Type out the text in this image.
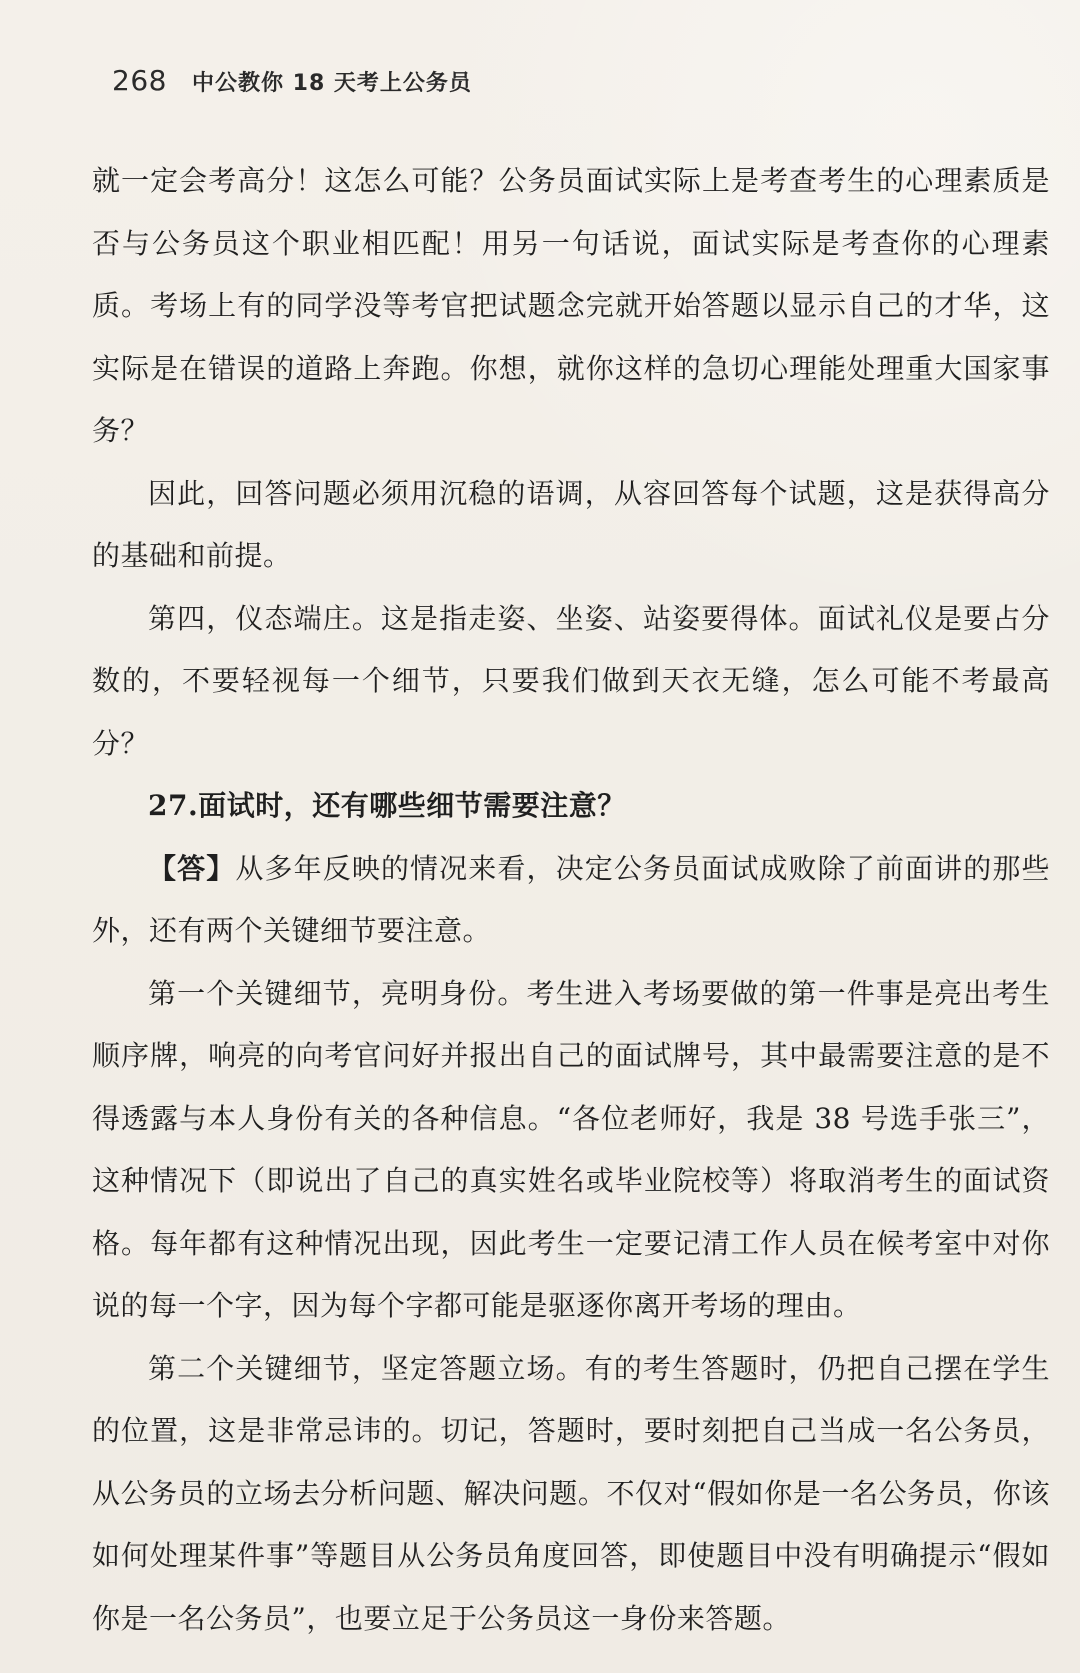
268 中公教你 18 天考上公务员

就一定会考高分！这怎么可能？公务员面试实际上是考查考生的心理素质是否与公务员这个职业相匹配！用另一句话说，面试实际是考查你的心理素质。考场上有的同学没等考官把试题念完就开始答题以显示自己的才华，这实际是在错误的道路上奔跑。你想，就你这样的急切心理能处理重大国家事务？

因此，回答问题必须用沉稳的语调，从容回答每个试题，这是获得高分的基础和前提。

第四，仪态端庄。这是指走姿、坐姿、站姿要得体。面试礼仪是要占分数的，不要轻视每一个细节，只要我们做到天衣无缝，怎么可能不考最高分？

27.面试时，还有哪些细节需要注意？

【答】从多年反映的情况来看，决定公务员面试成败除了前面讲的那些外，还有两个关键细节要注意。

第一个关键细节，亮明身份。考生进入考场要做的第一件事是亮出考生顺序牌，响亮的向考官问好并报出自己的面试牌号，其中最需要注意的是不得透露与本人身份有关的各种信息。“各位老师好，我是 38 号选手张三”，这种情况下（即说出了自己的真实姓名或毕业院校等）将取消考生的面试资格。每年都有这种情况出现，因此考生一定要记清工作人员在候考室中对你说的每一个字，因为每个字都可能是驱逐你离开考场的理由。

第二个关键细节，坚定答题立场。有的考生答题时，仍把自己摆在学生的位置，这是非常忌讳的。切记，答题时，要时刻把自己当成一名公务员，从公务员的立场去分析问题、解决问题。不仅对“假如你是一名公务员，你该如何处理某件事”等题目从公务员角度回答，即使题目中没有明确提示“假如你是一名公务员”，也要立足于公务员这一身份来答题。
